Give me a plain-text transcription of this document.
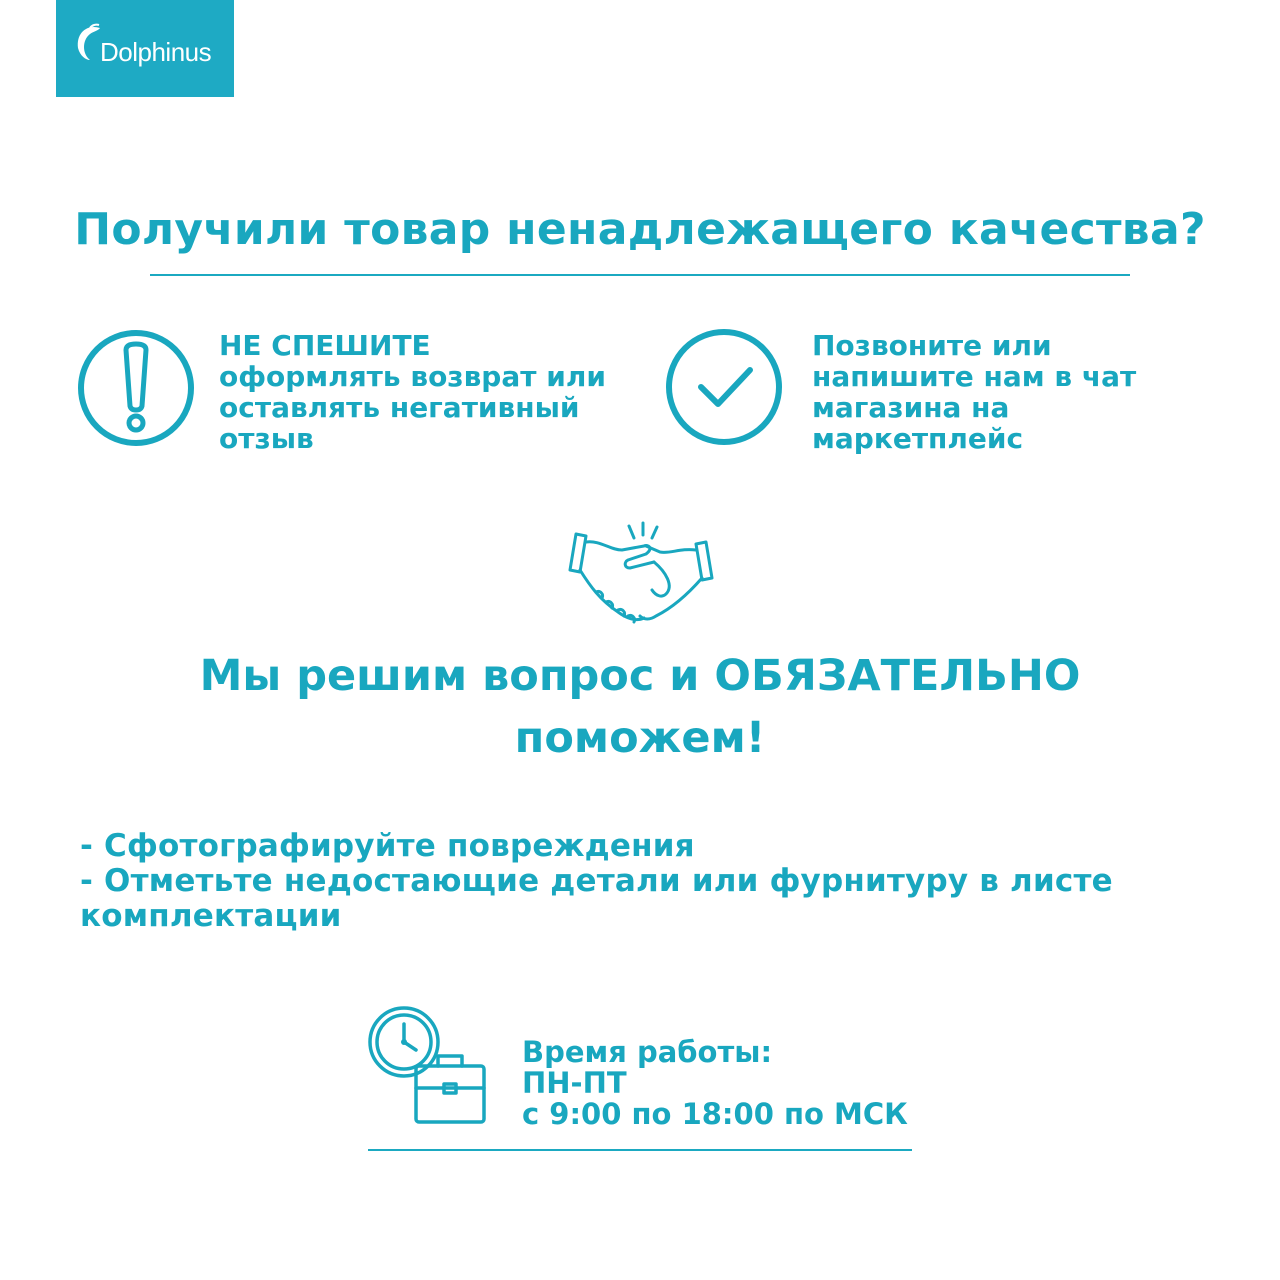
Dolphinus
Получили товар ненадлежащего качества?
НЕ СПЕШИТЕ
оформлять возврат или
оставлять негативный
отзыв
Позвоните или
напишите нам в чат
магазина на
маркетплейс
Мы решим вопрос и ОБЯЗАТЕЛЬНО
поможем!
- Сфотографируйте повреждения
- Отметьте недостающие детали или фурнитуру в листе
комплектации
Время работы:
ПН-ПТ
с 9:00 по 18:00 по МСК
